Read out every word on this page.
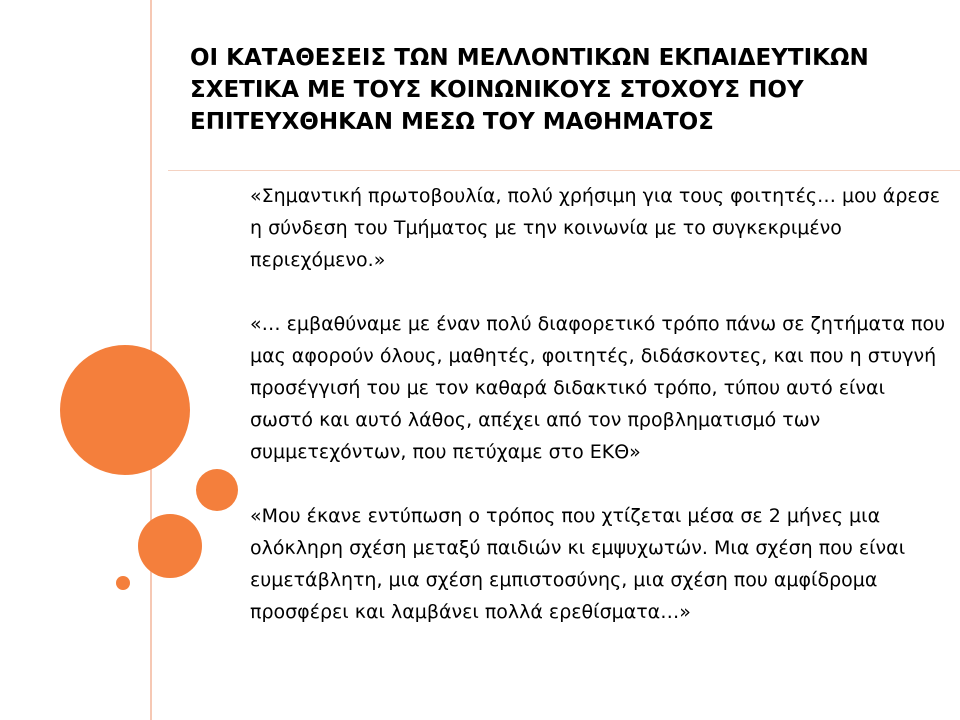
ΟΙ ΚΑΤΑΘΕΣΕΙΣ ΤΩΝ ΜΕΛΛΟΝΤΙΚΩΝ ΕΚΠΑΙΔΕΥΤΙΚΩΝ ΣΧΕΤΙΚΑ ΜΕ ΤΟΥΣ ΚΟΙΝΩΝΙΚΟΥΣ ΣΤΟΧΟΥΣ ΠΟΥ ΕΠΙΤΕΥΧΘΗΚΑΝ ΜΕΣΩ ΤΟΥ ΜΑΘΗΜΑΤΟΣ

«Σημαντική πρωτοβουλία, πολύ χρήσιμη για τους φοιτητές… μου άρεσε η σύνδεση του Τμήματος με την κοινωνία με το συγκεκριμένο περιεχόμενο.»

«… εμβαθύναμε με έναν πολύ διαφορετικό τρόπο πάνω σε ζητήματα που μας αφορούν όλους, μαθητές, φοιτητές, διδάσκοντες, και που η στυγνή προσέγγισή του με τον καθαρά διδακτικό τρόπο, τύπου αυτό είναι σωστό και αυτό λάθος, απέχει από τον προβληματισμό των συμμετεχόντων, που πετύχαμε στο ΕΚΘ»

«Μου έκανε εντύπωση ο τρόπος που χτίζεται μέσα σε 2 μήνες μια ολόκληρη σχέση μεταξύ παιδιών κι εμψυχωτών. Μια σχέση που είναι ευμετάβλητη, μια σχέση εμπιστοσύνης, μια σχέση που αμφίδρομα προσφέρει και λαμβάνει πολλά ερεθίσματα…»
